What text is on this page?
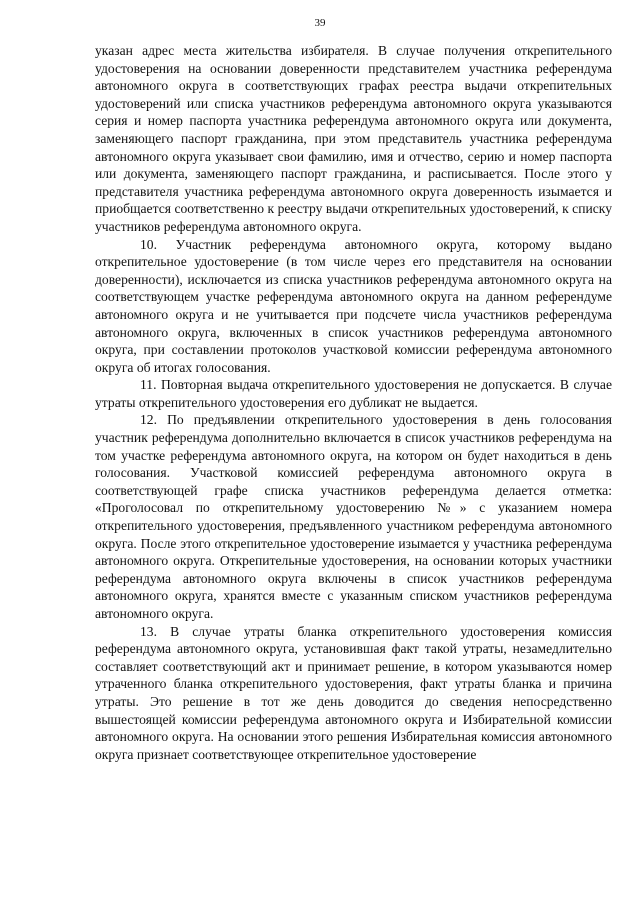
39

указан адрес места жительства избирателя. В случае получения открепительного удостоверения на основании доверенности представителем участника референдума автономного округа в соответствующих графах реестра выдачи открепительных удостоверений или списка участников референдума автономного округа указываются серия и номер паспорта участника референдума автономного округа или документа, заменяющего паспорт гражданина, при этом представитель участника референдума автономного округа указывает свои фамилию, имя и отчество, серию и номер паспорта или документа, заменяющего паспорт гражданина, и расписывается. После этого у представителя участника референдума автономного округа доверенность изымается и приобщается соответственно к реестру выдачи открепительных удостоверений, к списку участников референдума автономного округа.

10. Участник референдума автономного округа, которому выдано открепительное удостоверение (в том числе через его представителя на основании доверенности), исключается из списка участников референдума автономного округа на соответствующем участке референдума автономного округа на данном референдуме автономного округа и не учитывается при подсчете числа участников референдума автономного округа, включенных в список участников референдума автономного округа, при составлении протоколов участковой комиссии референдума автономного округа об итогах голосования.

11. Повторная выдача открепительного удостоверения не допускается. В случае утраты открепительного удостоверения его дубликат не выдается.

12. По предъявлении открепительного удостоверения в день голосования участник референдума дополнительно включается в список участников референдума на том участке референдума автономного округа, на котором он будет находиться в день голосования. Участковой комиссией референдума автономного округа в соответствующей графе списка участников референдума делается отметка: «Проголосовал по открепительному удостоверению №» с указанием номера открепительного удостоверения, предъявленного участником референдума автономного округа. После этого открепительное удостоверение изымается у участника референдума автономного округа. Открепительные удостоверения, на основании которых участники референдума автономного округа включены в список участников референдума автономного округа, хранятся вместе с указанным списком участников референдума автономного округа.

13. В случае утраты бланка открепительного удостоверения комиссия референдума автономного округа, установившая факт такой утраты, незамедлительно составляет соответствующий акт и принимает решение, в котором указываются номер утраченного бланка открепительного удостоверения, факт утраты бланка и причина утраты. Это решение в тот же день доводится до сведения непосредственно вышестоящей комиссии референдума автономного округа и Избирательной комиссии автономного округа. На основании этого решения Избирательная комиссия автономного округа признает соответствующее открепительное удостоверение
